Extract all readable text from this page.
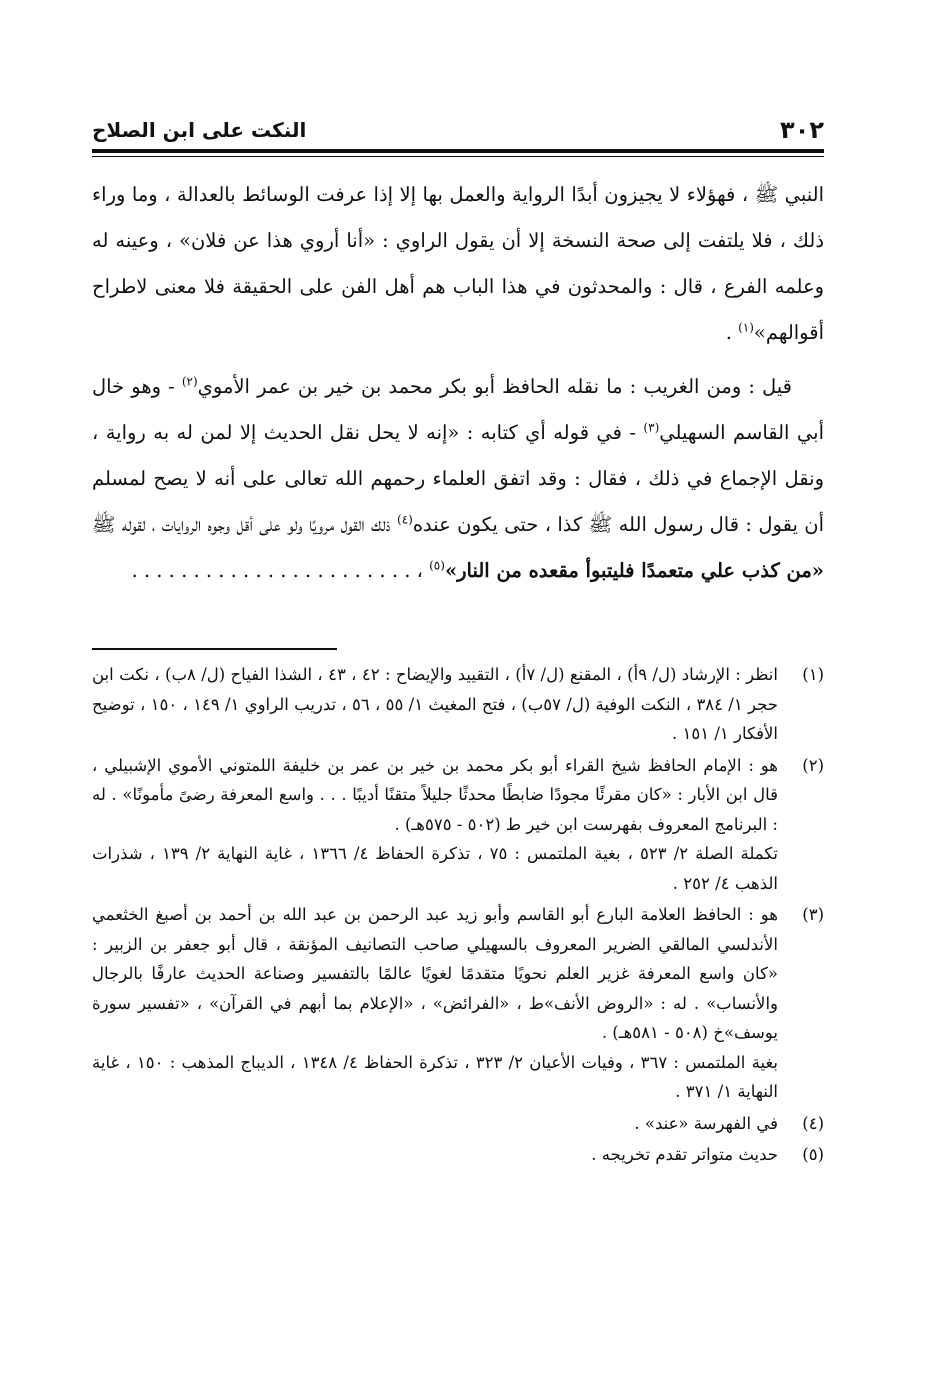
٣٠٢
النكت على ابن الصلاح

النبي ﷺ ، فهؤلاء لا يجيزون أبدًا الرواية والعمل بها إلا إذا عرفت الوسائط بالعدالة ، وما وراء ذلك ، فلا يلتفت إلى صحة النسخة إلا أن يقول الراوي : «أنا أروي هذا عن فلان» ، وعينه له وعلمه الفرع ، قال : والمحدثون في هذا الباب هم أهل الفن على الحقيقة فلا معنى لاطراح أقوالهم»$^{(١)}$ .

قيل : ومن الغريب : ما نقله الحافظ أبو بكر محمد بن خير بن عمر الأموي$^{(٢)}$ - وهو خال أبي القاسم السهيلي$^{(٣)}$ - في قوله أي كتابه : «إنه لا يحل نقل الحديث إلا لمن له به رواية ، ونقل الإجماع في ذلك ، فقال : وقد اتفق العلماء رحمهم الله تعالى على أنه لا يصح لمسلم أن يقول : قال رسول الله ﷺ كذا ، حتى يكون عنده$^{(٤)}$ ذلك القول مرويًا ولو على أقل وجوه الروايات ، لقوله ﷺ «من كذب علي متعمدًا فليتبوأ مقعده من النار»$^{(٥)}$ ، . . . . . . . . . . . . . . . . . . . . . . .

(١)

انظر : الإرشاد (ل/ ٩أ) ، المقنع (ل/ ٧أ) ، التقييد والإيضاح : ٤٢ ، ٤٣ ، الشذا الفياح (ل/ ٨ب) ، نكت ابن حجر ١/ ٣٨٤ ، النكت الوفية (ل/ ٥٧ب) ، فتح المغيث ١/ ٥٥ ، ٥٦ ، تدريب الراوي ١/ ١٤٩ ، ١٥٠ ، توضيح الأفكار ١/ ١٥١ .

(٢)

هو : الإمام الحافظ شيخ القراء أبو بكر محمد بن خير بن عمر بن خليفة اللمتوني الأموي الإشبيلي ، قال ابن الأبار : «كان مقرئًا مجودًا ضابطًا محدثًا جليلاً متقنًا أديبًا . . . واسع المعرفة رضىً مأمونًا» . له : البرنامج المعروف بفهرست ابن خير ط (٥٠٢ - ٥٧٥هـ) .

تكملة الصلة ٢/ ٥٢٣ ، بغية الملتمس : ٧٥ ، تذكرة الحفاظ ٤/ ١٣٦٦ ، غاية النهاية ٢/ ١٣٩ ، شذرات الذهب ٤/ ٢٥٢ .

(٣)

هو : الحافظ العلامة البارع أبو القاسم وأبو زيد عبد الرحمن بن عبد الله بن أحمد بن أصبغ الخثعمي الأندلسي المالقي الضرير المعروف بالسهيلي صاحب التصانيف المؤنقة ، قال أبو جعفر بن الزبير : «كان واسع المعرفة غزير العلم نحويًا متقدمًا لغويًا عالمًا بالتفسير وصناعة الحديث عارفًا بالرجال والأنساب» . له : «الروض الأنف»ط ، «الفرائض» ، «الإعلام بما أبهم في القرآن» ، «تفسير سورة يوسف»خ (٥٠٨ - ٥٨١هـ) .

بغية الملتمس : ٣٦٧ ، وفيات الأعيان ٢/ ٣٢٣ ، تذكرة الحفاظ ٤/ ١٣٤٨ ، الديباج المذهب : ١٥٠ ، غاية النهاية ١/ ٣٧١ .

(٤)

في الفهرسة «عند» .

(٥)

حديث متواتر تقدم تخريجه .
